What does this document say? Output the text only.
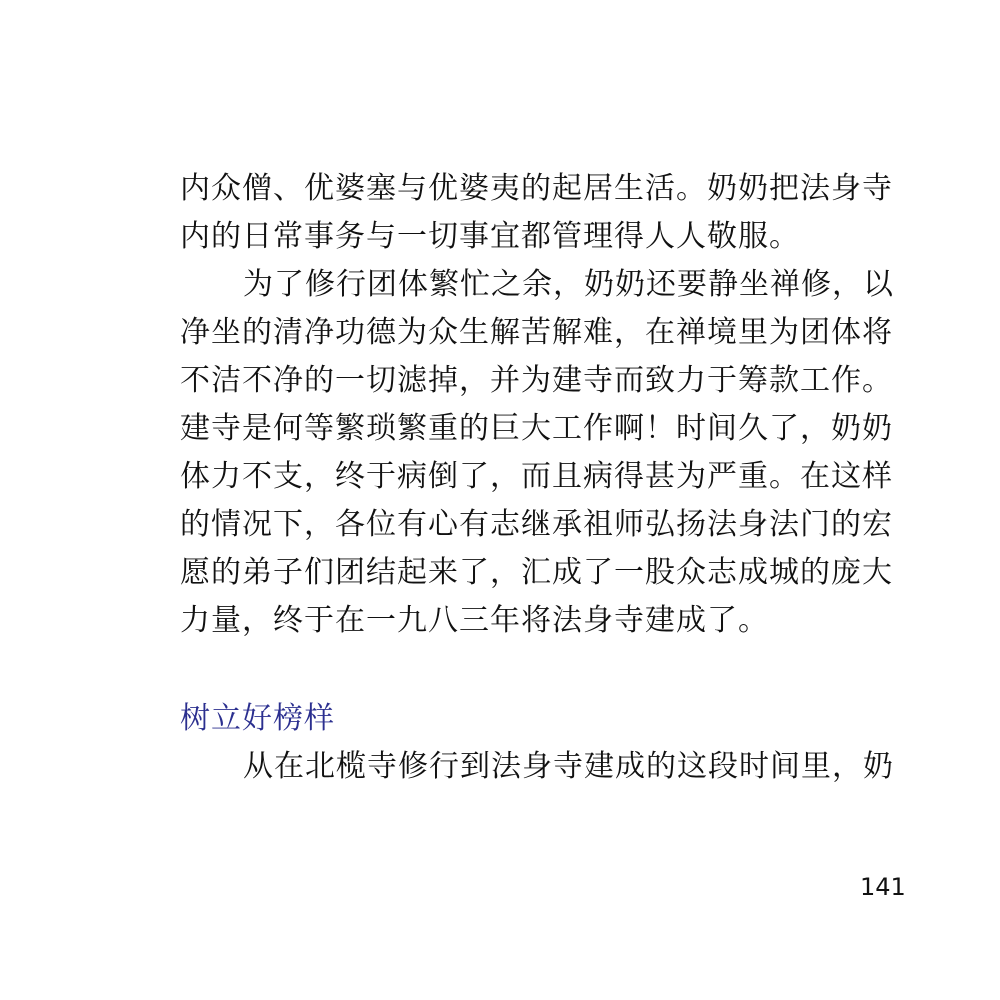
内众僧、优婆塞与优婆夷的起居生活。奶奶把法身寺
内的日常事务与一切事宜都管理得人人敬服。
为了修行团体繁忙之余，奶奶还要静坐禅修，以
净坐的清净功德为众生解苦解难，在禅境里为团体将
不洁不净的一切滤掉，并为建寺而致力于筹款工作。
建寺是何等繁琐繁重的巨大工作啊！时间久了，奶奶
体力不支，终于病倒了，而且病得甚为严重。在这样
的情况下，各位有心有志继承祖师弘扬法身法门的宏
愿的弟子们团结起来了，汇成了一股众志成城的庞大
力量，终于在一九八三年将法身寺建成了。
树立好榜样
从在北榄寺修行到法身寺建成的这段时间里，奶
141
